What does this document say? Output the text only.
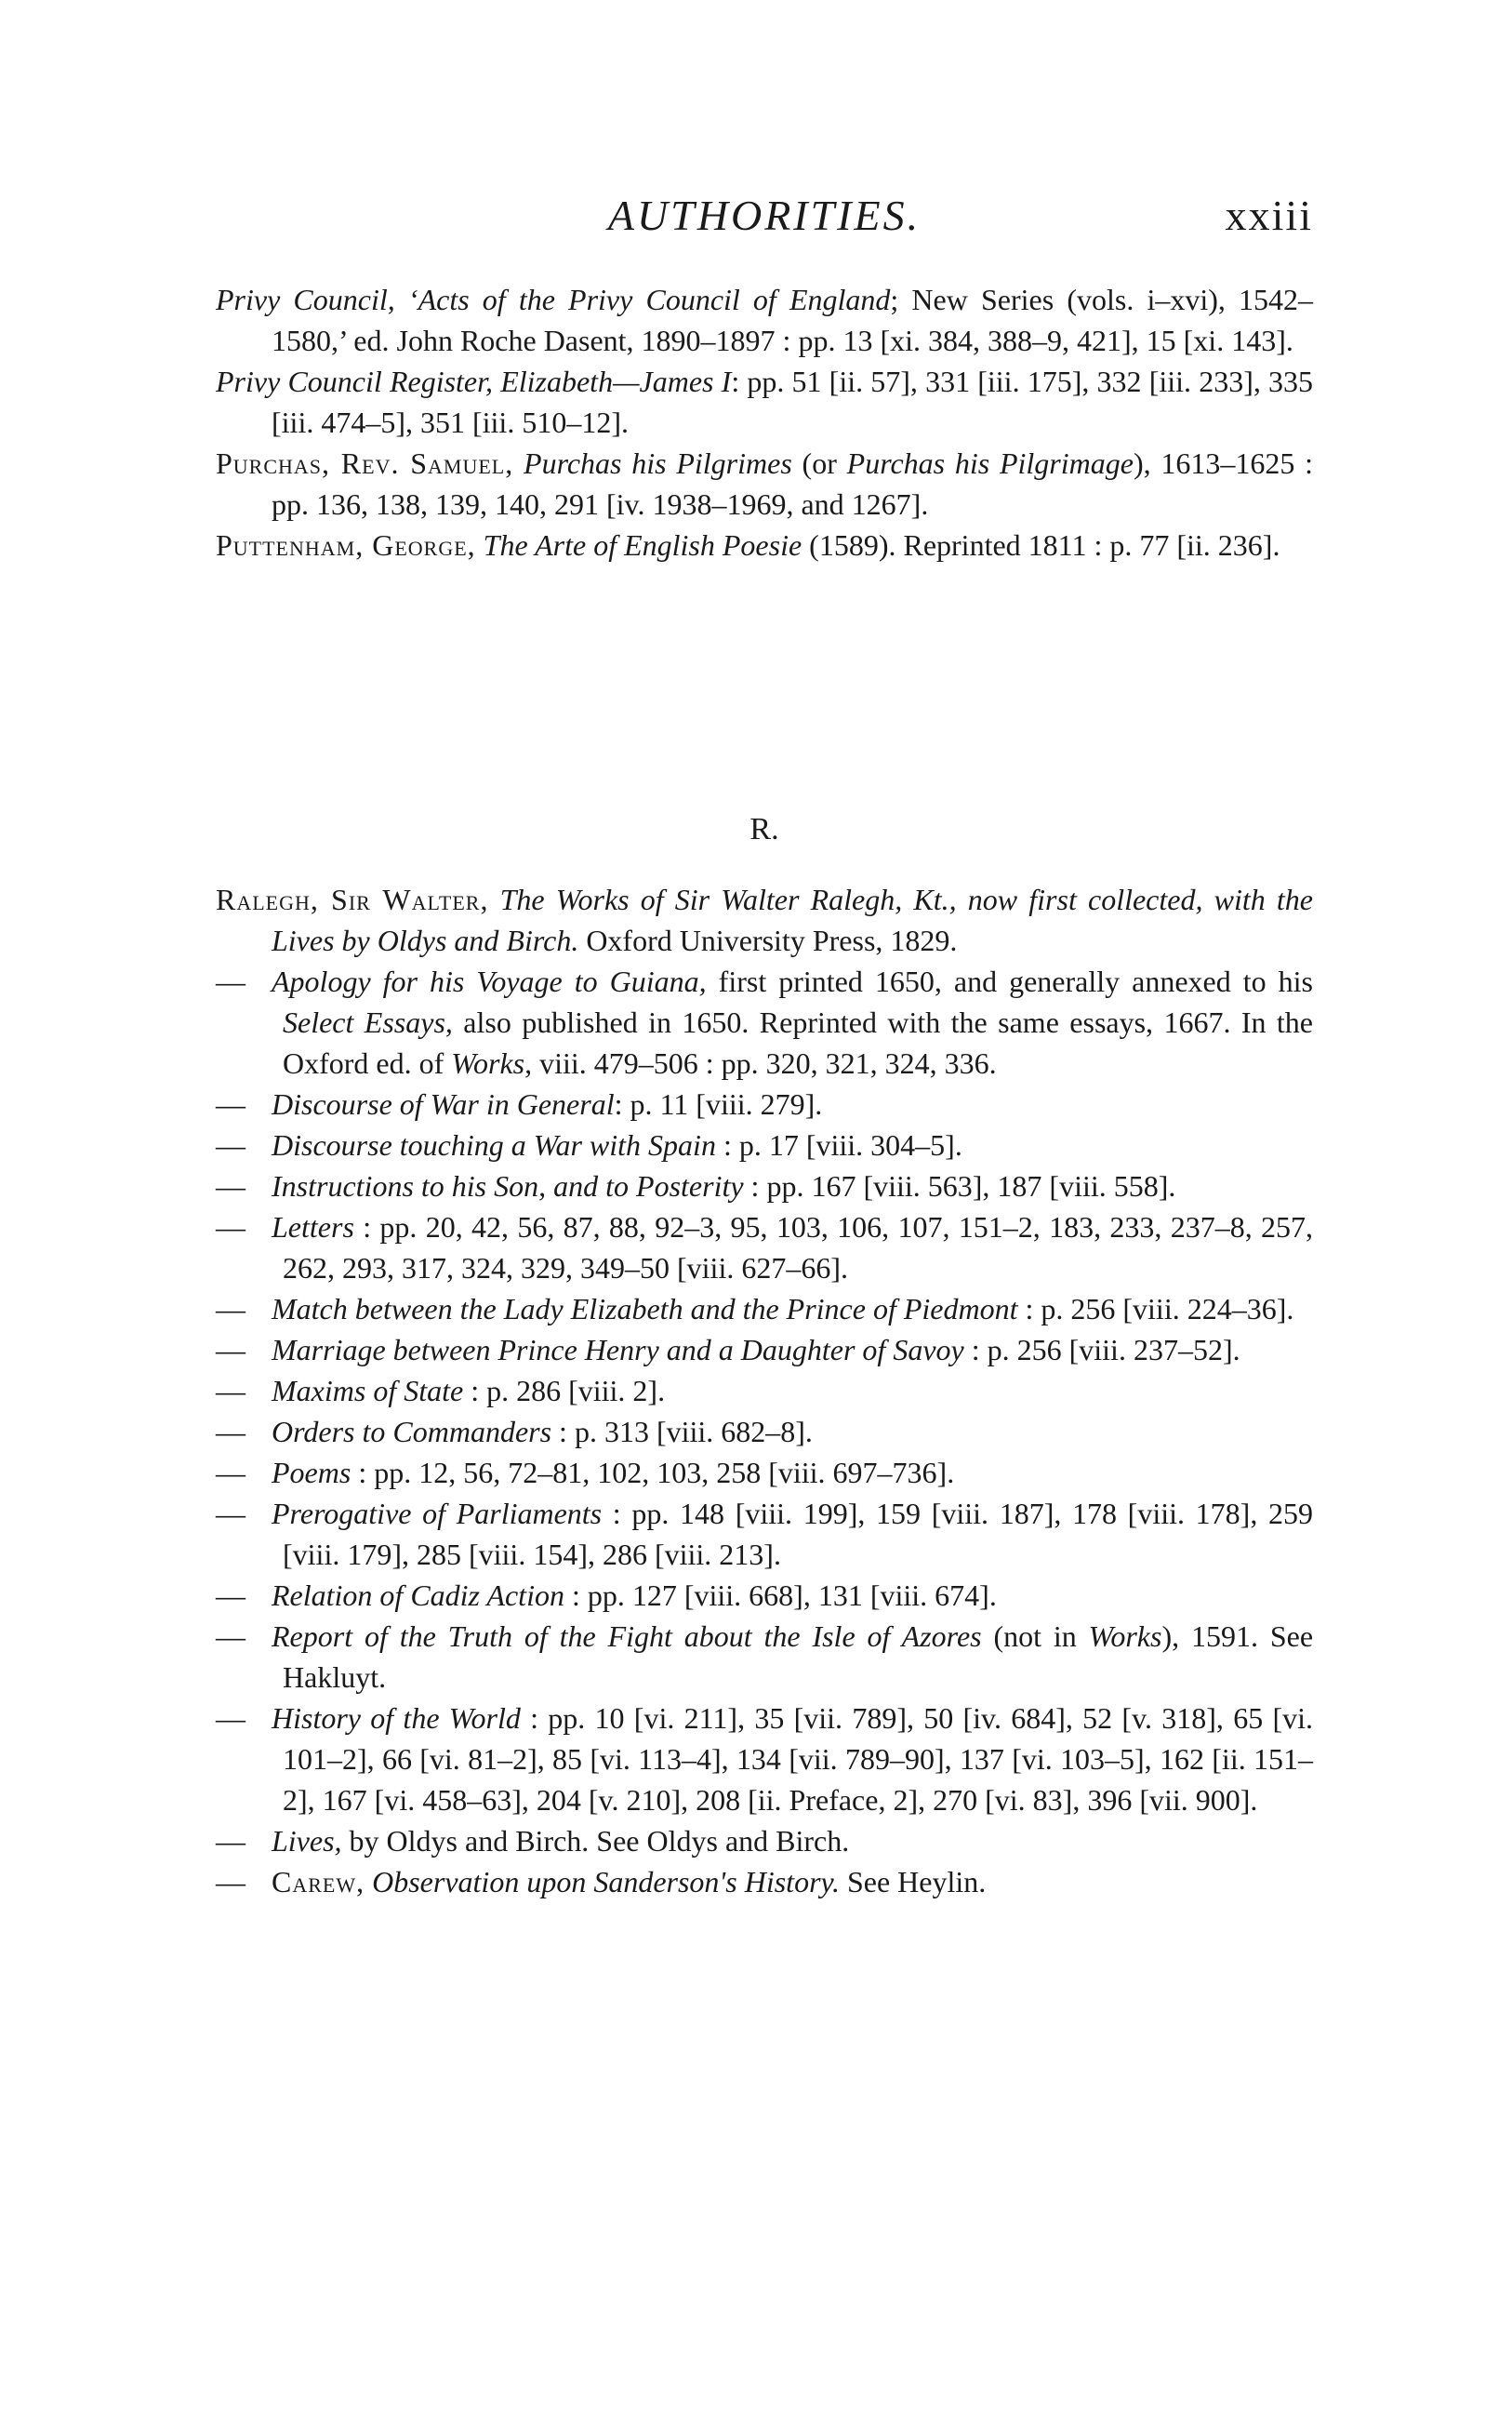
AUTHORITIES.	xxiii

Privy Council, ‘Acts of the Privy Council of England; New Series (vols. i–xvi), 1542–1580,’ ed. John Roche Dasent, 1890–1897 : pp. 13 [xi. 384, 388–9, 421], 15 [xi. 143].

Privy Council Register, Elizabeth—James I: pp. 51 [ii. 57], 331 [iii. 175], 332 [iii. 233], 335 [iii. 474–5], 351 [iii. 510–12].

Purchas, Rev. Samuel, Purchas his Pilgrimes (or Purchas his Pilgrimage), 1613–1625 : pp. 136, 138, 139, 140, 291 [iv. 1938–1969, and 1267].

Puttenham, George, The Arte of English Poesie (1589). Reprinted 1811 : p. 77 [ii. 236].

R.

Ralegh, Sir Walter, The Works of Sir Walter Ralegh, Kt., now first collected, with the Lives by Oldys and Birch. Oxford University Press, 1829.

— Apology for his Voyage to Guiana, first printed 1650, and generally annexed to his Select Essays, also published in 1650. Reprinted with the same essays, 1667. In the Oxford ed. of Works, viii. 479–506 : pp. 320, 321, 324, 336.

— Discourse of War in General: p. 11 [viii. 279].

— Discourse touching a War with Spain : p. 17 [viii. 304–5].

— Instructions to his Son, and to Posterity : pp. 167 [viii. 563], 187 [viii. 558].

— Letters : pp. 20, 42, 56, 87, 88, 92–3, 95, 103, 106, 107, 151–2, 183, 233, 237–8, 257, 262, 293, 317, 324, 329, 349–50 [viii. 627–66].

— Match between the Lady Elizabeth and the Prince of Piedmont : p. 256 [viii. 224–36].

— Marriage between Prince Henry and a Daughter of Savoy : p. 256 [viii. 237–52].

— Maxims of State : p. 286 [viii. 2].

— Orders to Commanders : p. 313 [viii. 682–8].

— Poems : pp. 12, 56, 72–81, 102, 103, 258 [viii. 697–736].

— Prerogative of Parliaments : pp. 148 [viii. 199], 159 [viii. 187], 178 [viii. 178], 259 [viii. 179], 285 [viii. 154], 286 [viii. 213].

— Relation of Cadiz Action : pp. 127 [viii. 668], 131 [viii. 674].

— Report of the Truth of the Fight about the Isle of Azores (not in Works), 1591. See Hakluyt.

— History of the World : pp. 10 [vi. 211], 35 [vii. 789], 50 [iv. 684], 52 [v. 318], 65 [vi. 101–2], 66 [vi. 81–2], 85 [vi. 113–4], 134 [vii. 789–90], 137 [vi. 103–5], 162 [ii. 151–2], 167 [vi. 458–63], 204 [v. 210], 208 [ii. Preface, 2], 270 [vi. 83], 396 [vii. 900].

— Lives, by Oldys and Birch. See Oldys and Birch.

— Carew, Observation upon Sanderson's History. See Heylin.
